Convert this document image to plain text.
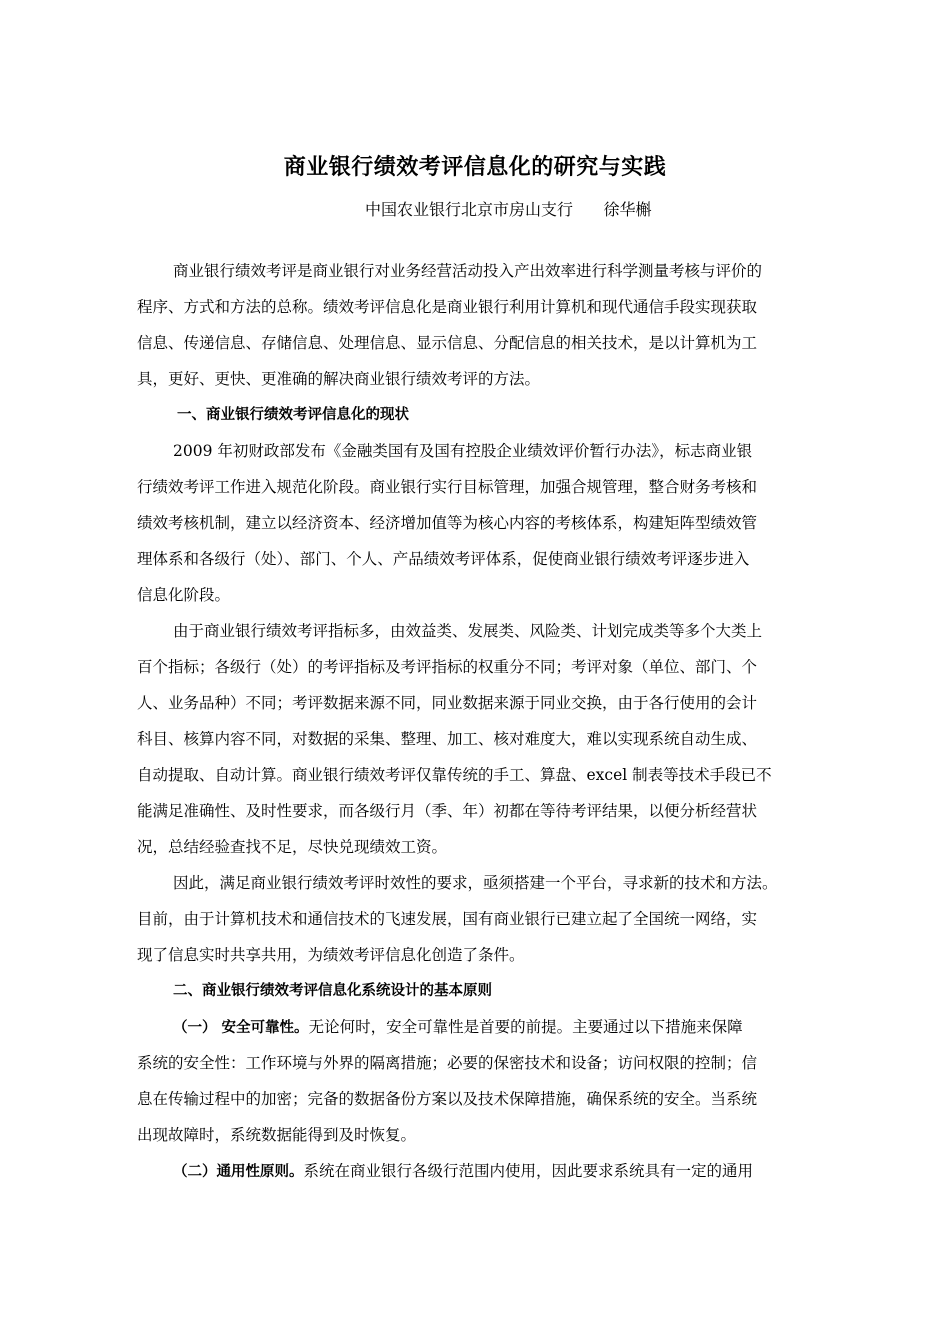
商业银行绩效考评信息化的研究与实践
中国农业银行北京市房山支行      徐华槲
商业银行绩效考评是商业银行对业务经营活动投入产出效率进行科学测量考核与评价的
程序、方式和方法的总称。绩效考评信息化是商业银行利用计算机和现代通信手段实现获取
信息、传递信息、存储信息、处理信息、显示信息、分配信息的相关技术，是以计算机为工
具，更好、更快、更准确的解决商业银行绩效考评的方法。
一、商业银行绩效考评信息化的现状
2009 年初财政部发布《金融类国有及国有控股企业绩效评价暂行办法》，标志商业银
行绩效考评工作进入规范化阶段。商业银行实行目标管理，加强合规管理，整合财务考核和
绩效考核机制，建立以经济资本、经济增加值等为核心内容的考核体系，构建矩阵型绩效管
理体系和各级行（处）、部门、个人、产品绩效考评体系，促使商业银行绩效考评逐步进入
信息化阶段。
由于商业银行绩效考评指标多，由效益类、发展类、风险类、计划完成类等多个大类上
百个指标；各级行（处）的考评指标及考评指标的权重分不同；考评对象（单位、部门、个
人、业务品种）不同；考评数据来源不同，同业数据来源于同业交换，由于各行使用的会计
科目、核算内容不同，对数据的采集、整理、加工、核对难度大，难以实现系统自动生成、
自动提取、自动计算。商业银行绩效考评仅靠传统的手工、算盘、excel 制表等技术手段已不
能满足准确性、及时性要求，而各级行月（季、年）初都在等待考评结果，以便分析经营状
况，总结经验查找不足，尽快兑现绩效工资。
因此，满足商业银行绩效考评时效性的要求，亟须搭建一个平台，寻求新的技术和方法。
目前，由于计算机技术和通信技术的飞速发展，国有商业银行已建立起了全国统一网络，实
现了信息实时共享共用，为绩效考评信息化创造了条件。
二、商业银行绩效考评信息化系统设计的基本原则
（一） 安全可靠性。无论何时，安全可靠性是首要的前提。主要通过以下措施来保障
系统的安全性：工作环境与外界的隔离措施；必要的保密技术和设备；访问权限的控制；信
息在传输过程中的加密；完备的数据备份方案以及技术保障措施，确保系统的安全。当系统
出现故障时，系统数据能得到及时恢复。
（二）通用性原则。系统在商业银行各级行范围内使用，因此要求系统具有一定的通用
